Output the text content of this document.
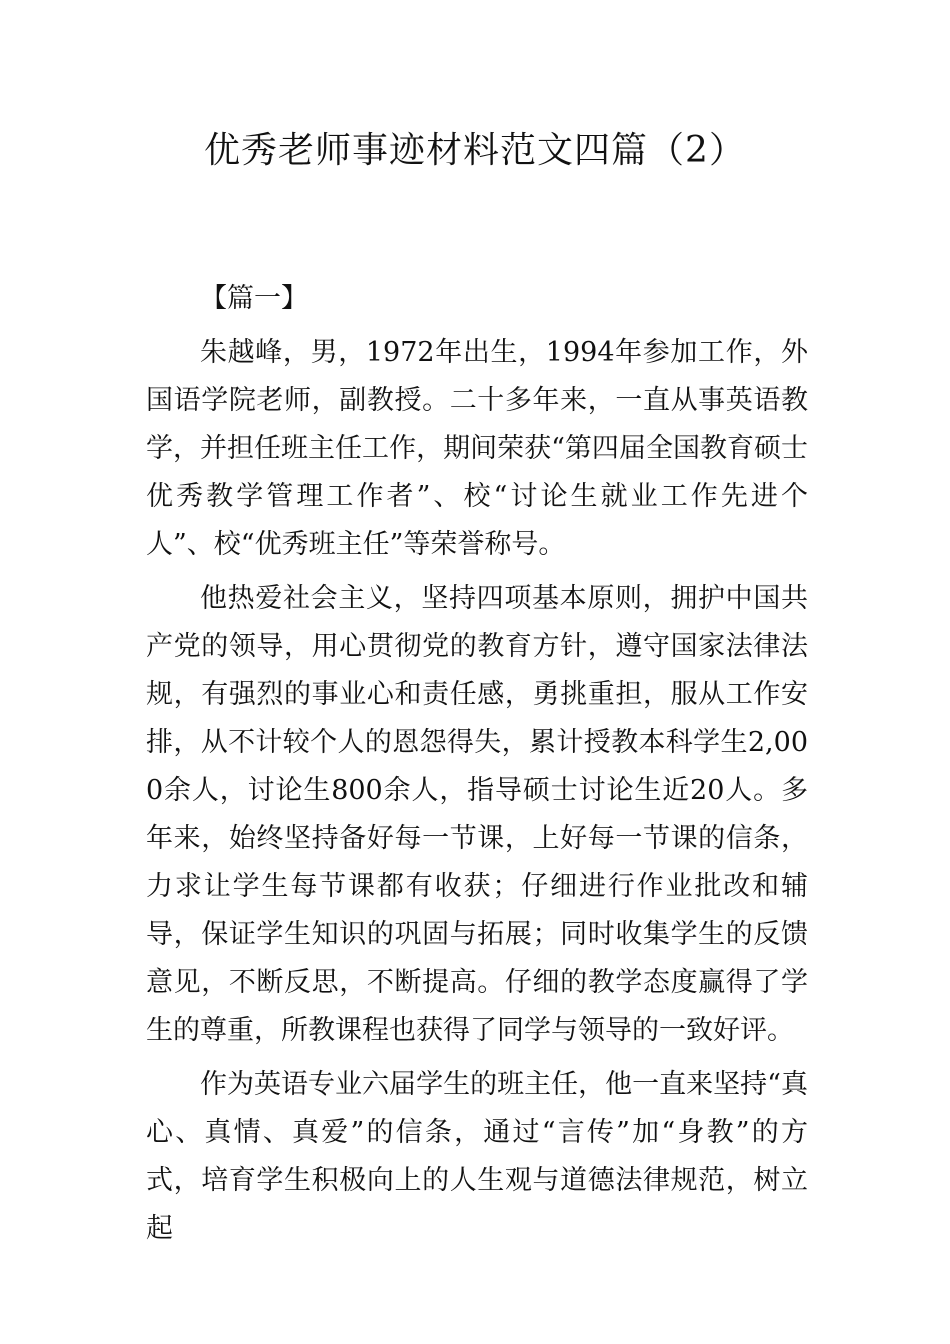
优秀老师事迹材料范文四篇（2）

【篇一】

朱越峰，男，1972年出生，1994年参加工作，外国语学院老师，副教授。二十多年来，一直从事英语教学，并担任班主任工作，期间荣获“第四届全国教育硕士优秀教学管理工作者”、校“讨论生就业工作先进个人”、校“优秀班主任”等荣誉称号。

他热爱社会主义，坚持四项基本原则，拥护中国共产党的领导，用心贯彻党的教育方针，遵守国家法律法规，有强烈的事业心和责任感，勇挑重担，服从工作安排，从不计较个人的恩怨得失，累计授教本科学生2,000余人，讨论生800余人，指导硕士讨论生近20人。多年来，始终坚持备好每一节课，上好每一节课的信条，力求让学生每节课都有收获；仔细进行作业批改和辅导，保证学生知识的巩固与拓展；同时收集学生的反馈意见，不断反思，不断提高。仔细的教学态度赢得了学生的尊重，所教课程也获得了同学与领导的一致好评。

作为英语专业六届学生的班主任，他一直来坚持“真心、真情、真爱”的信条，通过“言传”加“身教”的方式，培育学生积极向上的人生观与道德法律规范，树立起
